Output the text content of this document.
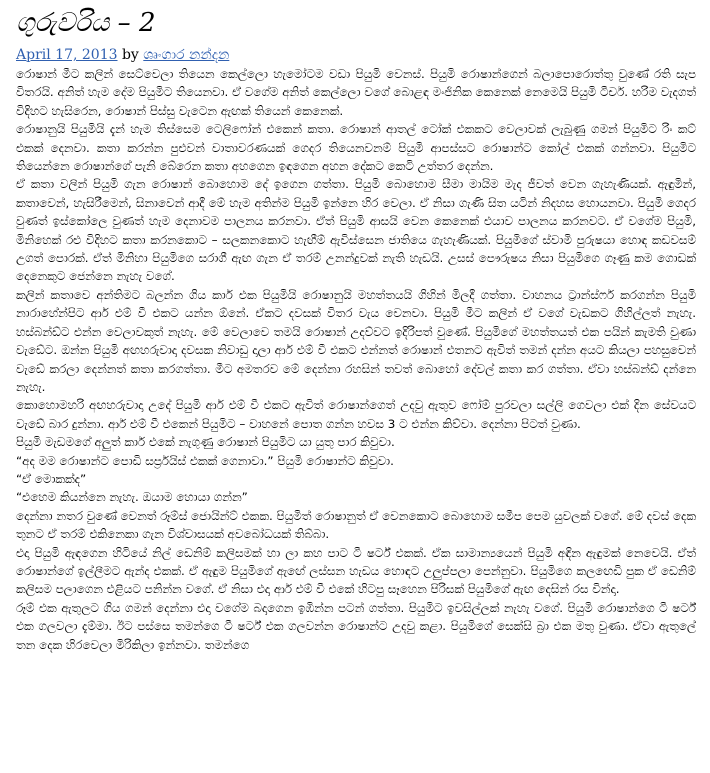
ගුරුවරිය – 2
April 17, 2013 by ශෘංගාර නන්දන

රොෂාන් මීට කලින් සෙට්වෙලා තියෙන කෙල්ලො හැමෝටම වඩා පියුමි වෙනස්. පියුමි රොෂාන්ගෙන් බලාපොරොත්තු වුණේ රති සැප විතරයි. අනිත් හැම දේම පියුමිට තියෙනවා. ඒ වගේම අනිත් කෙල්ලො වගේ බොළඳ මංජිනික කෙනෙක් නෙමෙයි පියුමි ටීචර්. හරිම වැදගත් විදිහට හැසිරෙන, රොෂාන් පිස්සු වැටෙන ඇඟක් තියෙන් කෙනෙක්.

රොෂානුයි පියුමියි දැන් හැම තිස්සෙම ටෙලිෆෝන් එකෙන් කතා. රොෂාන් ආතල් ටෝක් එකකට වෙලාවක් ලැබුණු ගමන් පියුමිට රිං කට් එකක් දෙනවා. කතා කරන්න පුළුවන් වාතාවරණයක් ගෙදර තියෙනවනම් පියුමි ආපස්සට රොෂාන්ට කෝල් එකක් ගන්නවා. පියුමිට තියෙන්නෙ රොෂාන්ගේ පැනි බේරෙන කතා අහගෙන ඉඳගෙන අහන දේකට කෙටි උත්තර දෙන්න.

ඒ කතා වලින් පියුමි ගැන රොෂාන් බොහොම දේ ඉගෙන ගත්තා. පියුමි බොහොම සීමා මායිම මැද ජීවත් වෙන ගැහැණියක්. ඇඳුමින්, කතාවෙන්, හැසිරීමෙන්, සිනාවෙන් ආදී මේ හැම අතින්ම පියුමි ඉන්නෙ හිර වෙලා. ඒ නිසා ගැණි සිත යටින් නිදහස හොයනවා. පියුමි ගෙදර වුණත් ඉස්කෝලෙ වුණත් හැම දෙනාවම පාලනය කරනවා. ඒත් පියුමි ආසයි වෙන කෙනෙක් එයාව පාලනය කරනවට. ඒ වගේම පියුමි, මිනිහෙක් රළු විදිහට කතා කරනකොට – සලකනකොට හැඟීම් ඇවිස්සෙන ජාතියෙ ගැහැණියක්. පියුමිගේ ස්වාමි පුරුෂයා හොඳ කඩවසම් උගත් පොරක්. ඒත් මිනිහා පියුමිගෙ සරාගී ඇඟ ගැන ඒ තරම් උනන්දුවක් නැති හැඩයි. උසස් පෞරුෂය නිසා පියුමිගෙ ගෑණු කම ගොඩක් දෙනෙකුට ජෙන්නෙ නැහැ වගේ.

කලින් කතාවෙ අන්තිමට බලන්න ගිය කාර් එක පියුමියි රොෂානුයි මහත්තයයි ගිහින් මිලදී ගත්තා. වාහනය ට්‍රාන්ස්ෆර් කරගන්න පියුමි නාරාහේන්පිට ආර් එම් වී එකට යන්න ඕනේ. ඒකට දවසක් විතර වැය වෙනවා. පියුමි මීට කලින් ඒ වගේ වැඩකට ගිහිල්ලත් නැහැ. හස්බන්ඩ්ට එන්න වෙලාවකුත් නැහැ. මේ වෙලාවෙ තමයි රොෂාන් උදව්වට ඉදිරිපත් වුණේ. පියුමිගේ මහත්තයත් එක පයින් කැමති වුණා වැඩේට. ඔන්න පියුමි අඟහරුවාදා දවසක නිවාඩු දාලා ආර් එම් වී එකට එන්නත් රොෂාන් එතනට ඇවිත් තමන් දන්න අයට කියලා පහසුවෙන් වැඩේ කරලා දෙන්නත් කතා කරගත්තා. මීට අමතරව මේ දෙන්නා රහසින් තවත් බොහෝ දේවල් කතා කර ගත්තා. ඒවා හස්බන්ඩ් දන්නෙ නැහැ.

කොහොමහරි අඟහරුවාදා උදේ පියුමි ආර් එම් වී එකට ඇවිත් රොෂාන්ගෙත් උදවු ඇතුව ෆෝම් පුරවලා සල්ලි ගෙවලා එක් දින සේවයට වැඩේ බාර දුන්නා. ආර් එම් වී එකෙන් පියුමිට – වාහනේ පොත ගන්න හවස 3 ට එන්න කිව්වා. දෙන්නා පිටත් වුණා.

පියුමි මැඩමගේ අලුත් කාර් එකේ නැගුණු රොෂාන් පියුමිට යා යුතු පාර කිවුවා.

“අද මම රොෂාන්ට පොඩි සර්ප්‍රයිස් එකක් ගෙනාවා.” පියුමි රොෂාන්ට කිවුවා.

“ඒ මොකක්ද”

“එහෙම කියන්නෙ නැහැ. ඔයාම හොයා ගන්න”

දෙන්නා නතර වුණේ වෙනත් රූම්ස් ජොයින්ට් එකක. පියුමිත් රොෂානුත් ඒ වෙනකොට බොහොම සමීප පෙම යුවලක් වගේ. මේ දවස් දෙක තුනට ඒ තරම් එකිනෙකා ගැන විශ්වාසයක් අවබෝධයක් තිබ්බා.

එදා පියුමි ඇඳගෙන හිටියේ නිල් ඩෙනිම් කලිසමක් හා ලා කහ පාට ටී ෂර්ට් එකක්. ඒක සාමාන්‍යයෙන් පියුමි අඳින ඇඳුමක් නෙවෙයි. ඒත් රොෂාන්ගේ ඉල්ලීමට ඇන්ද එකක්. ඒ ඇඳුම පියුමිගේ ඇඟේ ලස්සන හැඩය හොඳට උලුප්පලා පෙන්නුවා. පියුමිගෙ කලඟෙඩි පුක ඒ ඩෙනිම් කලිසම පලාගෙන එළියට පනින්න වගේ. ඒ නිසා එදා ආර් එම් වී එකේ හිටපු සෑහෙන පිරිසක් පියුමිගේ ඇඟ දෙසින් රස වින්දා.

රූම් එක ඇතුලට ගිය ගමන් දෙන්නා එදා වගේම බදාගෙන ඉඹින්න පටන් ගත්තා. පියුමිට ඉවසිල්ලක් නැහැ වගේ. පියුමි රොෂාන්ගෙ ටී ෂර්ට් එක ගලවලා දැම්මා. ඊට පස්සෙ තමන්ගෙ ටී ෂර්ට් එක ගලවන්න රොෂාන්ට උදවු කළා. පියුමිගේ සෙක්සි බ්‍රා එක මතු වුණා. ඒවා ඇතුලේ තන දෙක හිරවෙලා මිරිකිලා ඉන්නවා. තමන්ගෙ
